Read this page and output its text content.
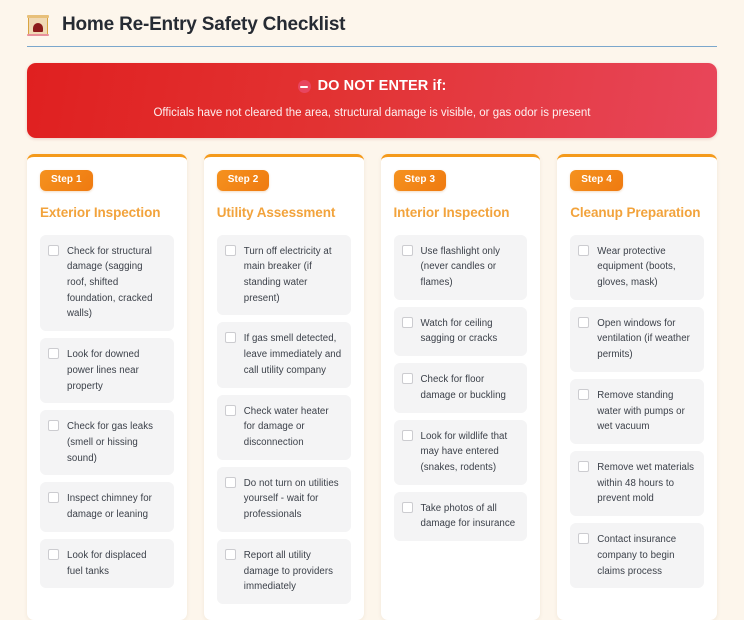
Home Re-Entry Safety Checklist
DO NOT ENTER if:
Officials have not cleared the area, structural damage is visible, or gas odor is present
Step 1
Exterior Inspection
Check for structural damage (sagging roof, shifted foundation, cracked walls)
Look for downed power lines near property
Check for gas leaks (smell or hissing sound)
Inspect chimney for damage or leaning
Look for displaced fuel tanks
Step 2
Utility Assessment
Turn off electricity at main breaker (if standing water present)
If gas smell detected, leave immediately and call utility company
Check water heater for damage or disconnection
Do not turn on utilities yourself - wait for professionals
Report all utility damage to providers immediately
Step 3
Interior Inspection
Use flashlight only (never candles or flames)
Watch for ceiling sagging or cracks
Check for floor damage or buckling
Look for wildlife that may have entered (snakes, rodents)
Take photos of all damage for insurance
Step 4
Cleanup Preparation
Wear protective equipment (boots, gloves, mask)
Open windows for ventilation (if weather permits)
Remove standing water with pumps or wet vacuum
Remove wet materials within 48 hours to prevent mold
Contact insurance company to begin claims process
